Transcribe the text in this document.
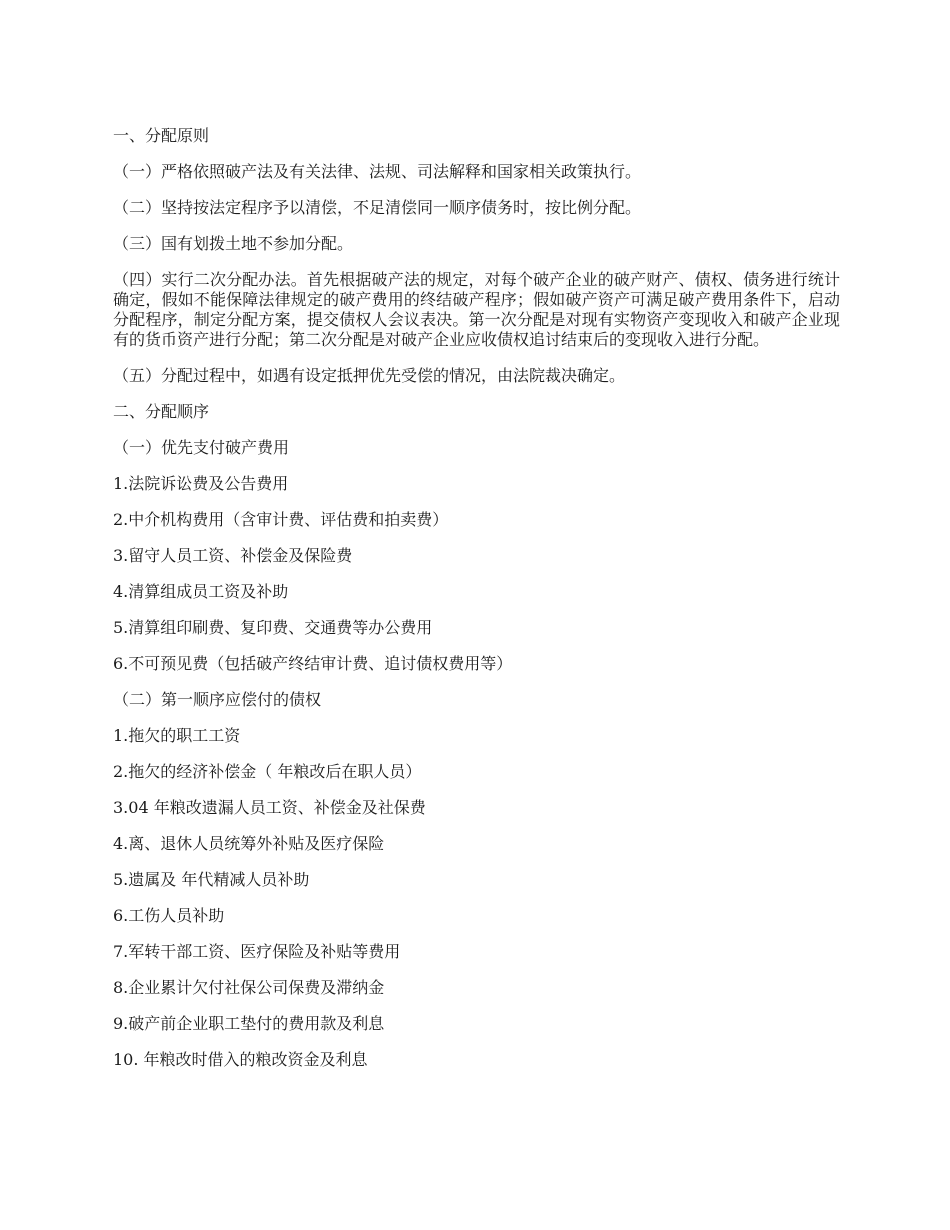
一、分配原则

（一）严格依照破产法及有关法律、法规、司法解释和国家相关政策执行。

（二）坚持按法定程序予以清偿，不足清偿同一顺序债务时，按比例分配。

（三）国有划拨土地不参加分配。

（四）实行二次分配办法。首先根据破产法的规定，对每个破产企业的破产财产、债权、债务进行统计确定，假如不能保障法律规定的破产费用的终结破产程序；假如破产资产可满足破产费用条件下，启动分配程序，制定分配方案，提交债权人会议表决。第一次分配是对现有实物资产变现收入和破产企业现有的货币资产进行分配；第二次分配是对破产企业应收债权追讨结束后的变现收入进行分配。

（五）分配过程中，如遇有设定抵押优先受偿的情况，由法院裁决确定。

二、分配顺序

（一）优先支付破产费用

1.法院诉讼费及公告费用

2.中介机构费用（含审计费、评估费和拍卖费）

3.留守人员工资、补偿金及保险费

4.清算组成员工资及补助

5.清算组印刷费、复印费、交通费等办公费用

6.不可预见费（包括破产终结审计费、追讨债权费用等）

（二）第一顺序应偿付的债权

1.拖欠的职工工资

2.拖欠的经济补偿金（ 年粮改后在职人员）

3.04 年粮改遗漏人员工资、补偿金及社保费

4.离、退休人员统筹外补贴及医疗保险

5.遗属及 年代精减人员补助

6.工伤人员补助

7.军转干部工资、医疗保险及补贴等费用

8.企业累计欠付社保公司保费及滞纳金

9.破产前企业职工垫付的费用款及利息

10. 年粮改时借入的粮改资金及利息
